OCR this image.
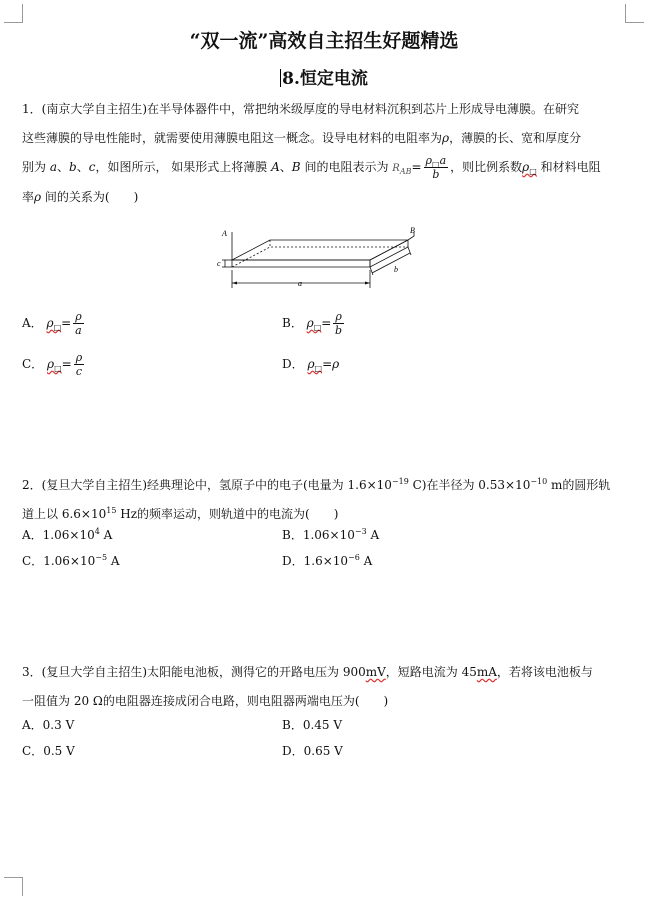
“双一流”高效自主招生好题精选
8.恒定电流
1．(南京大学自主招生)在半导体器件中，常把纳米级厚度的导电材料沉积到芯片上形成导电薄膜。在研究
这些薄膜的导电性能时，就需要使用薄膜电阻这一概念。设导电材料的电阻率为ρ，薄膜的长、宽和厚度分
别为 a、b、c，如图所示， 如果形式上将薄膜 A、B 间的电阻表示为 $R_{AB}= \frac{\rho_□a}{b}$ ，则比例系数$\rho_□$ 和材料电阻
率ρ 间的关系为(　　)
A	B
c
a
b
A． $\rho_□= \frac{\rho}{a}$	B． $\rho_□= \frac{\rho}{b}$
C． $\rho_□= \frac{\rho}{c}$	D． $\rho_□=\rho$
2．(复旦大学自主招生)经典理论中，氢原子中的电子(电量为 $1.6\times 10^{-19}$ C)在半径为 $0.53\times 10^{-10}$ m的圆形轨
道上以 $6.6\times 10^{15}$ Hz的频率运动，则轨道中的电流为(　　)
A．$1.06\times 10^4$ A	B．$1.06\times 10^{-3}$ A
C．$1.06\times 10^{-5}$ A	D．$1.6\times 10^{-6}$ A
3．(复旦大学自主招生)太阳能电池板，测得它的开路电压为 900mV，短路电流为 45mA，若将该电池板与
一阻值为 20 Ω的电阻器连接成闭合电路，则电阻器两端电压为(　　)
A．0.3 V	B．0.45 V
C．0.5 V	D．0.65 V
